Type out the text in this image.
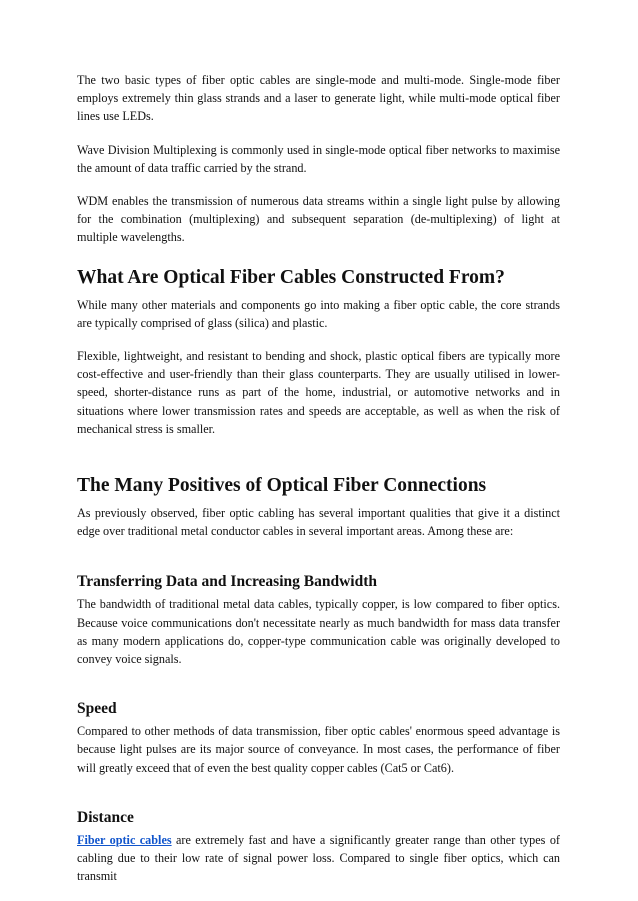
The two basic types of fiber optic cables are single-mode and multi-mode. Single-mode fiber employs extremely thin glass strands and a laser to generate light, while multi-mode optical fiber lines use LEDs.

Wave Division Multiplexing is commonly used in single-mode optical fiber networks to maximise the amount of data traffic carried by the strand.

WDM enables the transmission of numerous data streams within a single light pulse by allowing for the combination (multiplexing) and subsequent separation (de-multiplexing) of light at multiple wavelengths.

What Are Optical Fiber Cables Constructed From?

While many other materials and components go into making a fiber optic cable, the core strands are typically comprised of glass (silica) and plastic.

Flexible, lightweight, and resistant to bending and shock, plastic optical fibers are typically more cost-effective and user-friendly than their glass counterparts. They are usually utilised in lower-speed, shorter-distance runs as part of the home, industrial, or automotive networks and in situations where lower transmission rates and speeds are acceptable, as well as when the risk of mechanical stress is smaller.

The Many Positives of Optical Fiber Connections

As previously observed, fiber optic cabling has several important qualities that give it a distinct edge over traditional metal conductor cables in several important areas. Among these are:

Transferring Data and Increasing Bandwidth

The bandwidth of traditional metal data cables, typically copper, is low compared to fiber optics. Because voice communications don't necessitate nearly as much bandwidth for mass data transfer as many modern applications do, copper-type communication cable was originally developed to convey voice signals.

Speed

Compared to other methods of data transmission, fiber optic cables' enormous speed advantage is because light pulses are its major source of conveyance. In most cases, the performance of fiber will greatly exceed that of even the best quality copper cables (Cat5 or Cat6).

Distance

Fiber optic cables are extremely fast and have a significantly greater range than other types of cabling due to their low rate of signal power loss. Compared to single fiber optics, which can transmit
